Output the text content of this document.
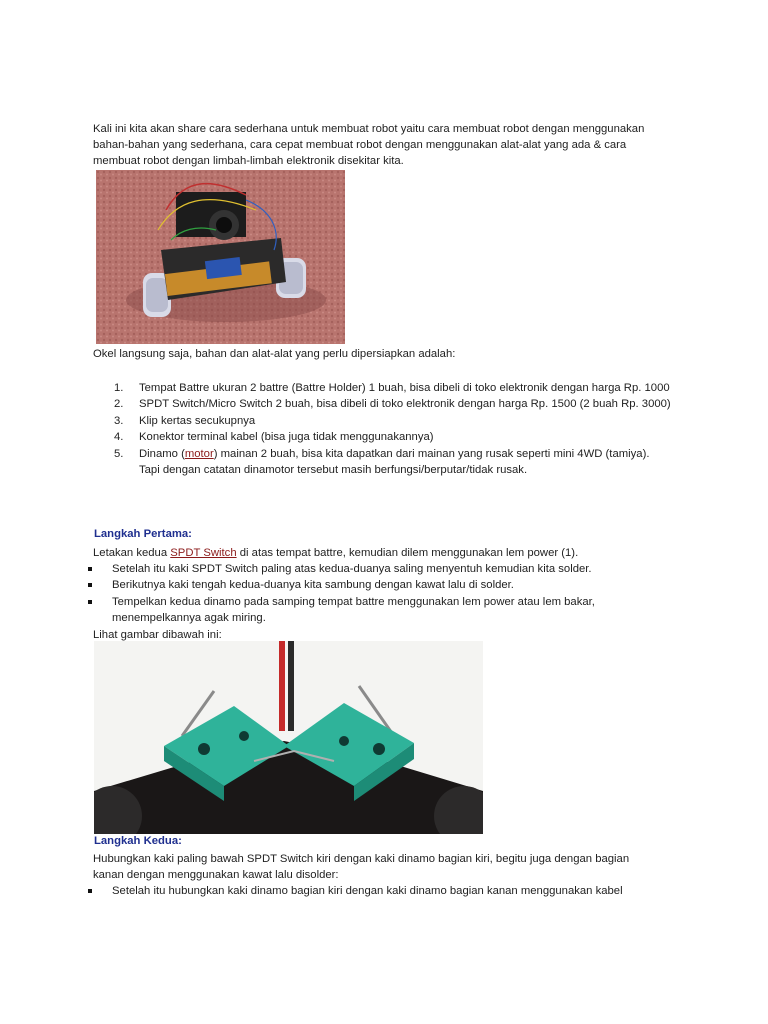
Kali ini kita akan share cara sederhana untuk membuat robot yaitu cara membuat robot dengan menggunakan bahan-bahan yang sederhana, cara cepat membuat robot dengan menggunakan alat-alat yang ada & cara membuat robot dengan limbah-limbah elektronik disekitar kita.

Okel langsung saja, bahan dan alat-alat yang perlu dipersiapkan adalah:

1. Tempat Battre ukuran 2 battre (Battre Holder) 1 buah, bisa dibeli di toko elektronik dengan harga Rp. 1000
2. SPDT Switch/Micro Switch 2 buah, bisa dibeli di toko elektronik dengan harga Rp. 1500 (2 buah Rp. 3000)
3. Klip kertas secukupnya
4. Konektor terminal kabel (bisa juga tidak menggunakannya)
5. Dinamo (motor) mainan 2 buah, bisa kita dapatkan dari mainan yang rusak seperti mini 4WD (tamiya). Tapi dengan catatan dinamotor tersebut masih berfungsi/berputar/tidak rusak.

Langkah Pertama:

Letakan kedua SPDT Switch di atas tempat battre, kemudian dilem menggunakan lem power (1).

Setelah itu kaki SPDT Switch paling atas kedua-duanya saling menyentuh kemudian kita solder.
Berikutnya kaki tengah kedua-duanya kita sambung dengan kawat lalu di solder.
Tempelkan kedua dinamo pada samping tempat battre menggunakan lem power atau lem bakar, menempelkannya agak miring.

Lihat gambar dibawah ini:

Langkah Kedua:

Hubungkan kaki paling bawah SPDT Switch kiri dengan kaki dinamo bagian kiri, begitu juga dengan bagian kanan dengan menggunakan kawat lalu disolder:

Setelah itu hubungkan kaki dinamo bagian kiri dengan kaki dinamo bagian kanan menggunakan kabel
